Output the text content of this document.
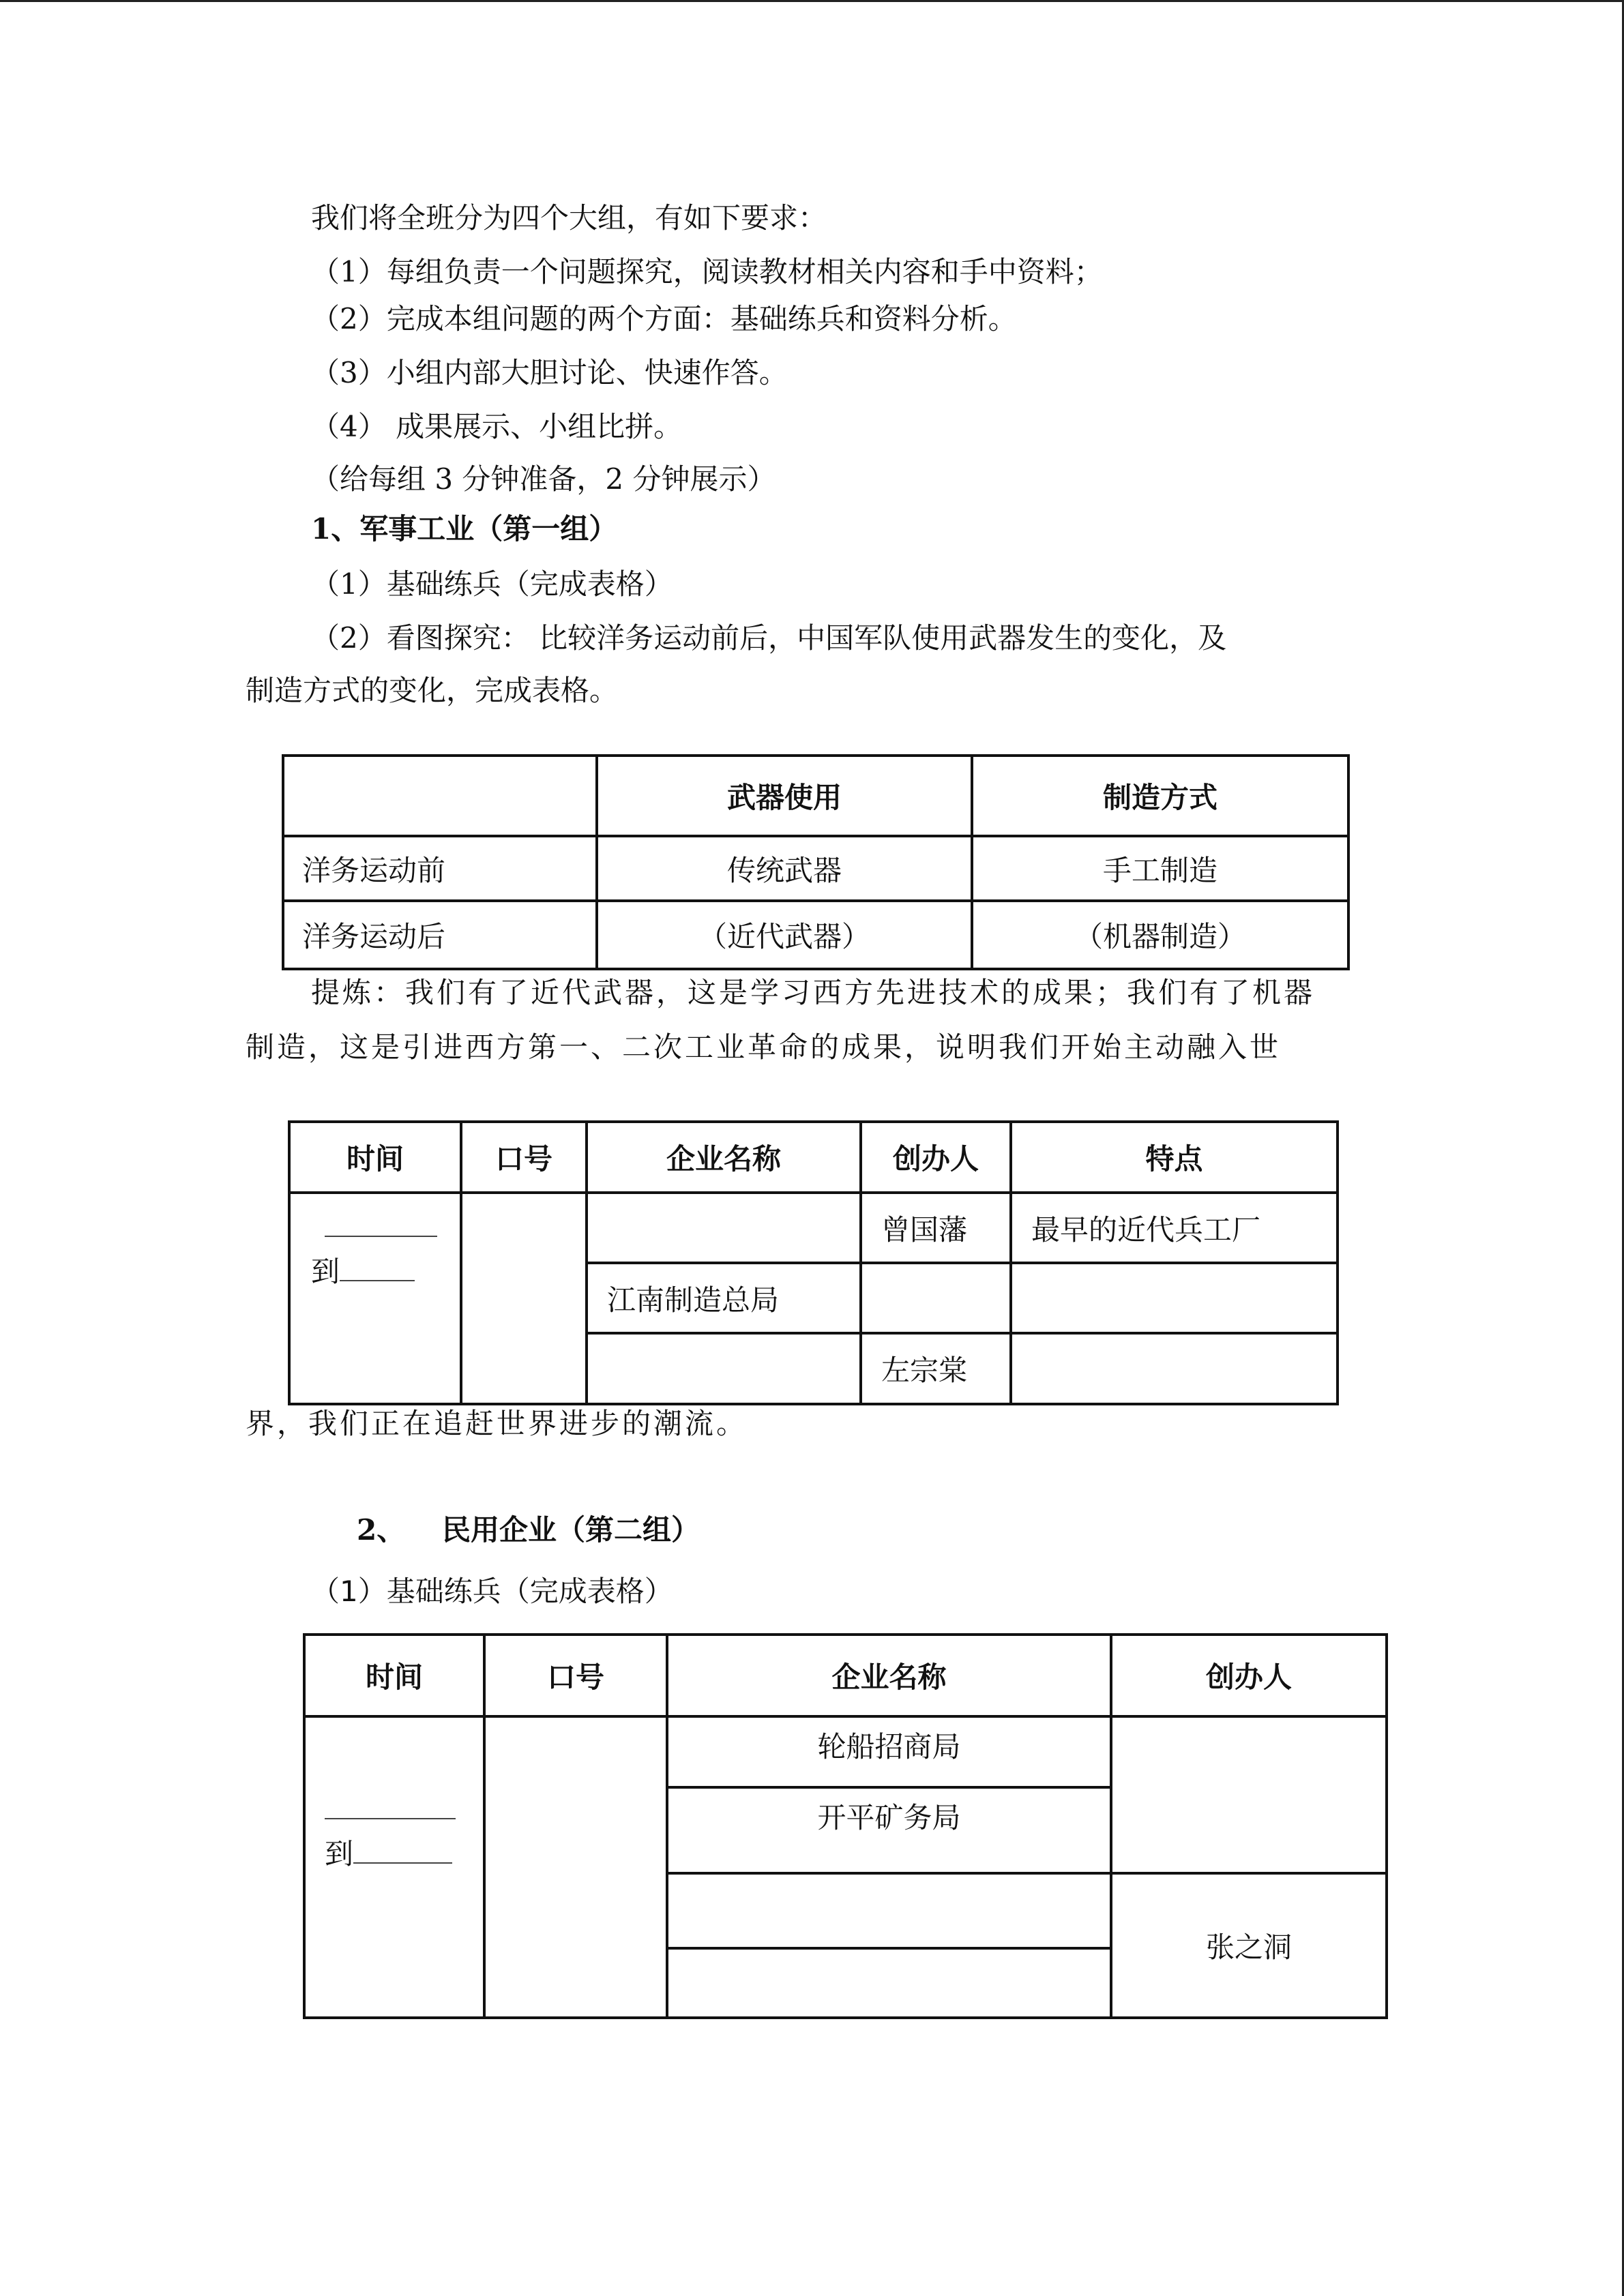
我们将全班分为四个大组，有如下要求：
（1）每组负责一个问题探究，阅读教材相关内容和手中资料；
（2）完成本组问题的两个方面：基础练兵和资料分析。
（3）小组内部大胆讨论、快速作答。
（4） 成果展示、小组比拼。
（给每组 3 分钟准备，2 分钟展示）
1、军事工业（第一组）
（1）基础练兵（完成表格）
（2）看图探究： 比较洋务运动前后，中国军队使用武器发生的变化，及
制造方式的变化，完成表格。
	武器使用	制造方式
洋务运动前	传统武器	手工制造
洋务运动后	（近代武器）	（机器制造）
提炼：我们有了近代武器，这是学习西方先进技术的成果；我们有了机器
制造，这是引进西方第一、二次工业革命的成果，说明我们开始主动融入世
时间	口号	企业名称	创办人	特点

到			曾国藩	最早的近代兵工厂
		江南制造总局		
			左宗棠	
界，我们正在追赶世界进步的潮流。
2、 民用企业（第二组）
（1）基础练兵（完成表格）
时间	口号	企业名称	创办人

到		轮船招商局	
		开平矿务局	
			张之洞
